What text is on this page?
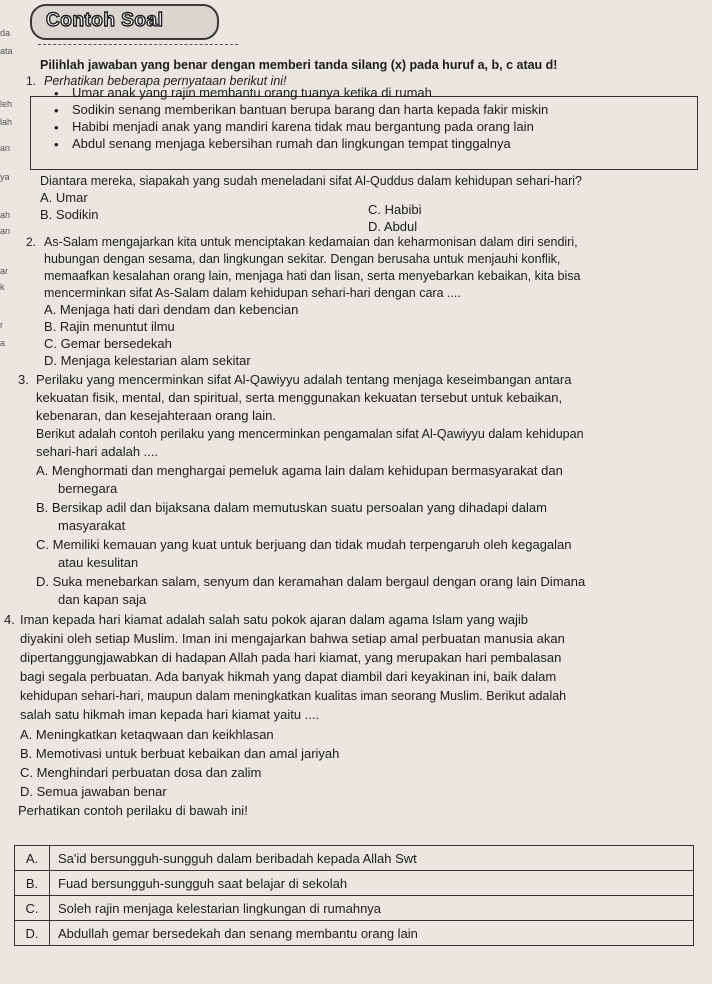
Contoh Soal
da
ata
leh
lah
an
ya
ah
an
ar
k
r
a
Pilihlah jawaban yang benar dengan memberi tanda silang (x) pada huruf a, b, c atau d!
1. Perhatikan beberapa pernyataan berikut ini!
• Umar anak yang rajin membantu orang tuanya ketika di rumah
• Sodikin senang memberikan bantuan berupa barang dan harta kepada fakir miskin
• Habibi menjadi anak yang mandiri karena tidak mau bergantung pada orang lain
• Abdul senang menjaga kebersihan rumah dan lingkungan tempat tinggalnya
Diantara mereka, siapakah yang sudah meneladani sifat Al-Quddus dalam kehidupan sehari-hari?
A. Umar
B. Sodikin	C. Habibi
D. Abdul
2. As-Salam mengajarkan kita untuk menciptakan kedamaian dan keharmonisan dalam diri sendiri,
hubungan dengan sesama, dan lingkungan sekitar. Dengan berusaha untuk menjauhi konflik,
memaafkan kesalahan orang lain, menjaga hati dan lisan, serta menyebarkan kebaikan, kita bisa
mencerminkan sifat As-Salam dalam kehidupan sehari-hari dengan cara ....
A. Menjaga hati dari dendam dan kebencian
B. Rajin menuntut ilmu
C. Gemar bersedekah
D. Menjaga kelestarian alam sekitar
3. Perilaku yang mencerminkan sifat Al-Qawiyyu adalah tentang menjaga keseimbangan antara
kekuatan fisik, mental, dan spiritual, serta menggunakan kekuatan tersebut untuk kebaikan,
kebenaran, dan kesejahteraan orang lain.
Berikut adalah contoh perilaku yang mencerminkan pengamalan sifat Al-Qawiyyu dalam kehidupan
sehari-hari adalah ....
A. Menghormati dan menghargai pemeluk agama lain dalam kehidupan bermasyarakat dan
bernegara
B. Bersikap adil dan bijaksana dalam memutuskan suatu persoalan yang dihadapi dalam
masyarakat
C. Memiliki kemauan yang kuat untuk berjuang dan tidak mudah terpengaruh oleh kegagalan
atau kesulitan
D. Suka menebarkan salam, senyum dan keramahan dalam bergaul dengan orang lain Dimana
dan kapan saja
4. Iman kepada hari kiamat adalah salah satu pokok ajaran dalam agama Islam yang wajib
diyakini oleh setiap Muslim. Iman ini mengajarkan bahwa setiap amal perbuatan manusia akan
dipertanggungjawabkan di hadapan Allah pada hari kiamat, yang merupakan hari pembalasan
bagi segala perbuatan. Ada banyak hikmah yang dapat diambil dari keyakinan ini, baik dalam
kehidupan sehari-hari, maupun dalam meningkatkan kualitas iman seorang Muslim. Berikut adalah
salah satu hikmah iman kepada hari kiamat yaitu ....
A. Meningkatkan ketaqwaan dan keikhlasan
B. Memotivasi untuk berbuat kebaikan dan amal jariyah
C. Menghindari perbuatan dosa dan zalim
D. Semua jawaban benar
Perhatikan contoh perilaku di bawah ini!
A.	Sa'id bersungguh-sungguh dalam beribadah kepada Allah Swt
B.	Fuad bersungguh-sungguh saat belajar di sekolah
C.	Soleh rajin menjaga kelestarian lingkungan di rumahnya
D.	Abdullah gemar bersedekah dan senang membantu orang lain
